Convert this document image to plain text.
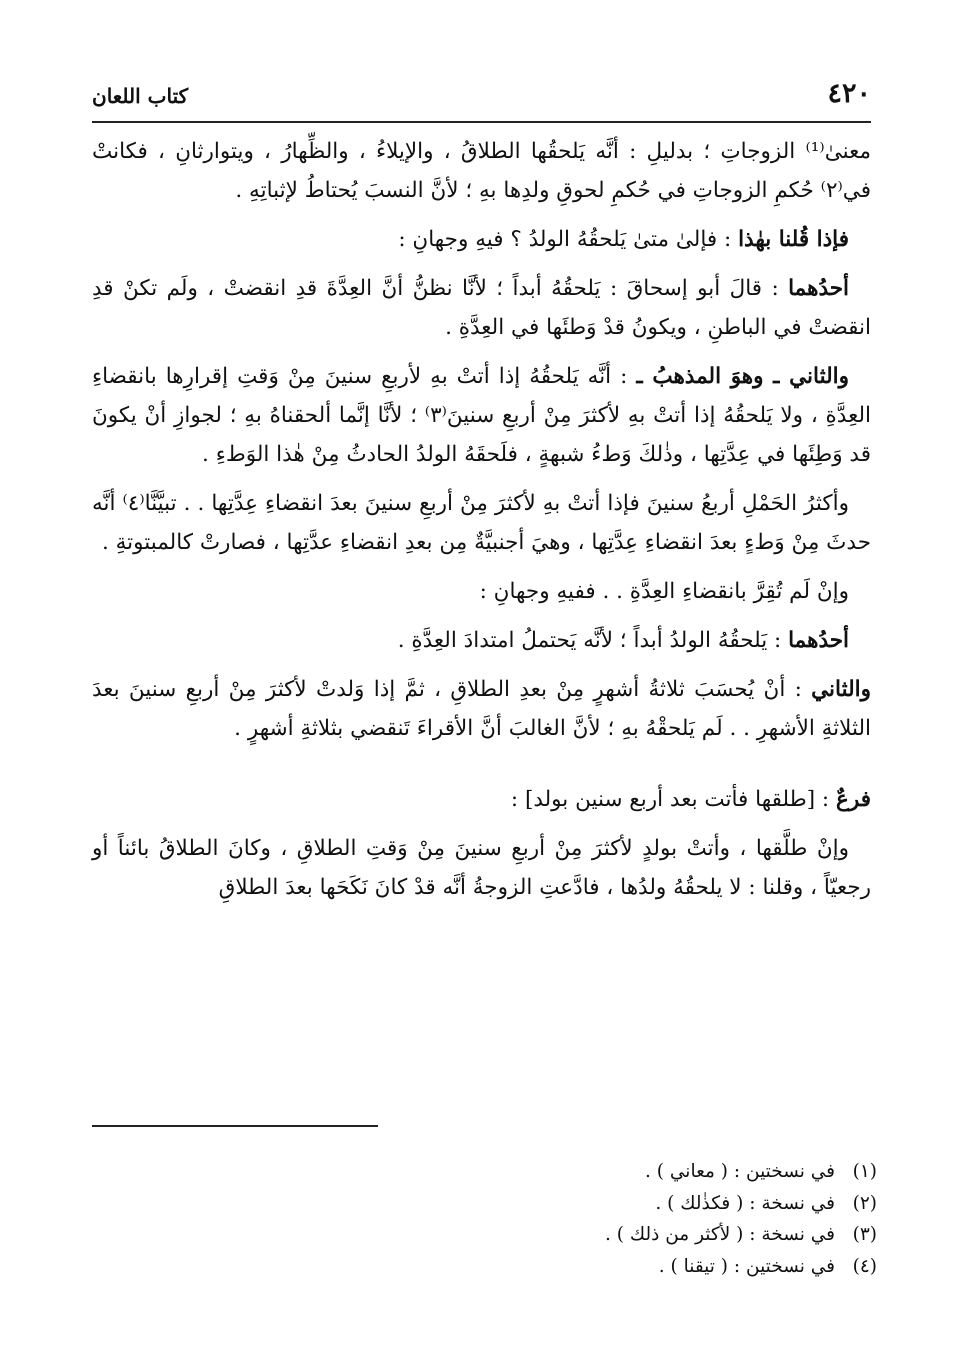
٤٢٠
كتاب اللعان

معنىٰ⁽¹⁾ الزوجاتِ ؛ بدليلِ : أنَّه يَلحقُها الطلاقُ ، والإيلاءُ ، والظِّهارُ ، ويتوارثانِ ، فكانتْ في⁽٢⁾ حُكمِ الزوجاتِ في حُكمِ لحوقِ ولدِها بهِ ؛ لأنَّ النسبَ يُحتاطُ لإثباتِهِ .

فإذا قُلنا بهٰذا : فإلىٰ متىٰ يَلحقُهُ الولدُ ؟ فيهِ وجهانِ :

أحدُهما : قالَ أبو إسحاقَ : يَلحقُهُ أبداً ؛ لأنَّا نظنُّ أنَّ العِدَّةَ قدِ انقضتْ ، ولَم تكنْ قدِ انقضتْ في الباطنِ ، ويكونُ قدْ وَطئَها في العِدَّةِ .

والثاني ـ وهوَ المذهبُ ـ : أنَّه يَلحقُهُ إذا أتتْ بهِ لأربعِ سنينَ مِنْ وَقتِ إقرارِها بانقضاءِ العِدَّةِ ، ولا يَلحقُهُ إذا أتتْ بهِ لأكثرَ مِنْ أربعِ سنينَ⁽٣⁾ ؛ لأنَّا إنَّما ألحقناهُ بهِ ؛ لجوازِ أنْ يكونَ قد وَطِئَها في عِدَّتِها ، وذٰلكَ وَطءُ شبهةٍ ، فلَحقَهُ الولدُ الحادثُ مِنْ هٰذا الوَطءِ .

وأكثرُ الحَمْلِ أربعُ سنينَ فإذا أتتْ بهِ لأكثرَ مِنْ أربعِ سنينَ بعدَ انقضاءِ عِدَّتِها . . تبيَّنَّا⁽٤⁾ أنَّه حدثَ مِنْ وَطءٍ بعدَ انقضاءِ عِدَّتِها ، وهيَ أجنبيَّةٌ مِن بعدِ انقضاءِ عدَّتِها ، فصارتْ كالمبتوتةِ .

وإنْ لَم تُقِرَّ بانقضاءِ العِدَّةِ . . ففيهِ وجهانِ :

أحدُهما : يَلحقُهُ الولدُ أبداً ؛ لأنَّه يَحتملُ امتدادَ العِدَّةِ .

والثاني : أنْ يُحسَبَ ثلاثةُ أشهرٍ مِنْ بعدِ الطلاقِ ، ثمَّ إذا وَلدتْ لأكثرَ مِنْ أربعِ سنينَ بعدَ الثلاثةِ الأشهرِ . . لَم يَلحقْهُ بهِ ؛ لأنَّ الغالبَ أنَّ الأقراءَ تَنقضي بثلاثةِ أشهرٍ .

فرعٌ : [طلقها فأتت بعد أربع سنين بولد] :

وإنْ طلَّقها ، وأتتْ بولدٍ لأكثرَ مِنْ أربعِ سنينَ مِنْ وَقتِ الطلاقِ ، وكانَ الطلاقُ بائناً أو رجعيّاً ، وقلنا : لا يلحقُهُ ولدُها ، فادَّعتِ الزوجةُ أنَّه قدْ كانَ نَكَحَها بعدَ الطلاقِ

(١)في نسختين : ( معاني ) .
(٢)في نسخة : ( فكذٰلك ) .
(٣)في نسخة : ( لأكثر من ذلك ) .
(٤)في نسختين : ( تيقنا ) .
